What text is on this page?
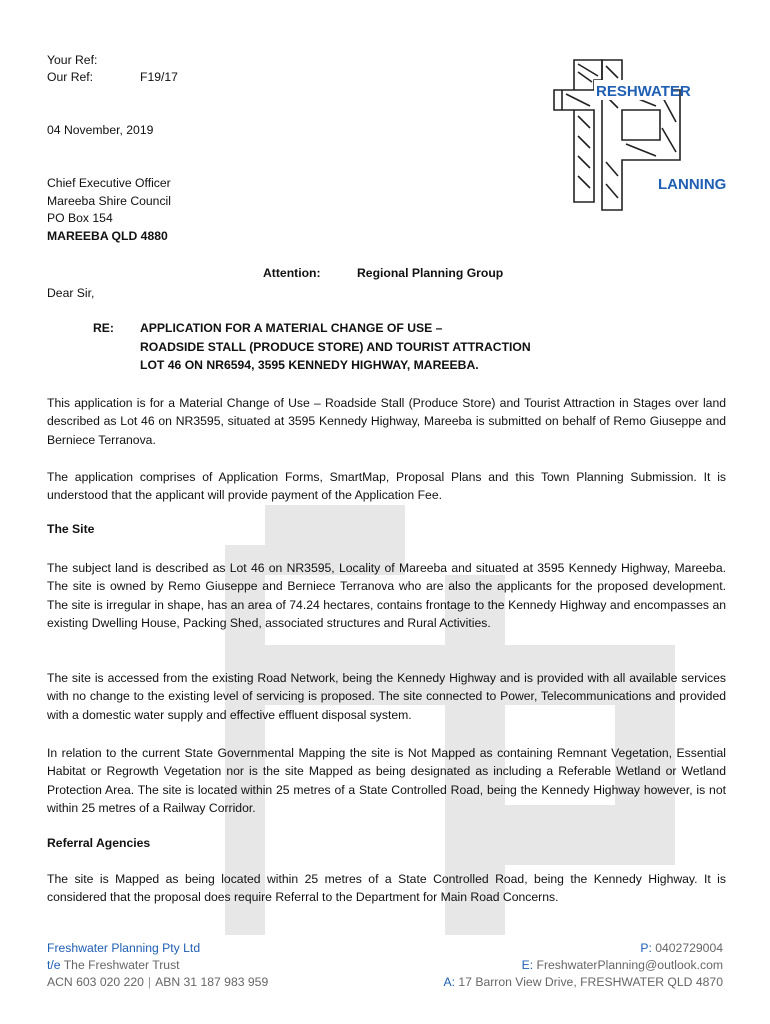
Your Ref:
Our Ref:	F19/17
04 November, 2019
Chief Executive Officer
Mareeba Shire Council
PO Box 154
MAREEBA QLD 4880
RESHWATER
LANNING
Attention:	Regional Planning Group
Dear Sir,
RE: APPLICATION FOR A MATERIAL CHANGE OF USE –
ROADSIDE STALL (PRODUCE STORE) AND TOURIST ATTRACTION
LOT 46 ON NR6594, 3595 KENNEDY HIGHWAY, MAREEBA.
This application is for a Material Change of Use – Roadside Stall (Produce Store) and Tourist Attraction in Stages over land described as Lot 46 on NR3595, situated at 3595 Kennedy Highway, Mareeba is submitted on behalf of Remo Giuseppe and Berniece Terranova.
The application comprises of Application Forms, SmartMap, Proposal Plans and this Town Planning Submission. It is understood that the applicant will provide payment of the Application Fee.
The Site
The subject land is described as Lot 46 on NR3595, Locality of Mareeba and situated at 3595 Kennedy Highway, Mareeba. The site is owned by Remo Giuseppe and Berniece Terranova who are also the applicants for the proposed development. The site is irregular in shape, has an area of 74.24 hectares, contains frontage to the Kennedy Highway and encompasses an existing Dwelling House, Packing Shed, associated structures and Rural Activities.
The site is accessed from the existing Road Network, being the Kennedy Highway and is provided with all available services with no change to the existing level of servicing is proposed. The site connected to Power, Telecommunications and provided with a domestic water supply and effective effluent disposal system.
In relation to the current State Governmental Mapping the site is Not Mapped as containing Remnant Vegetation, Essential Habitat or Regrowth Vegetation nor is the site Mapped as being designated as including a Referable Wetland or Wetland Protection Area. The site is located within 25 metres of a State Controlled Road, being the Kennedy Highway however, is not within 25 metres of a Railway Corridor.
Referral Agencies
The site is Mapped as being located within 25 metres of a State Controlled Road, being the Kennedy Highway. It is considered that the proposal does require Referral to the Department for Main Road Concerns.
Freshwater Planning Pty Ltd
t/e The Freshwater Trust
ACN 603 020 220 | ABN 31 187 983 959
P: 0402729004
E: FreshwaterPlanning@outlook.com
A: 17 Barron View Drive, FRESHWATER QLD 4870
